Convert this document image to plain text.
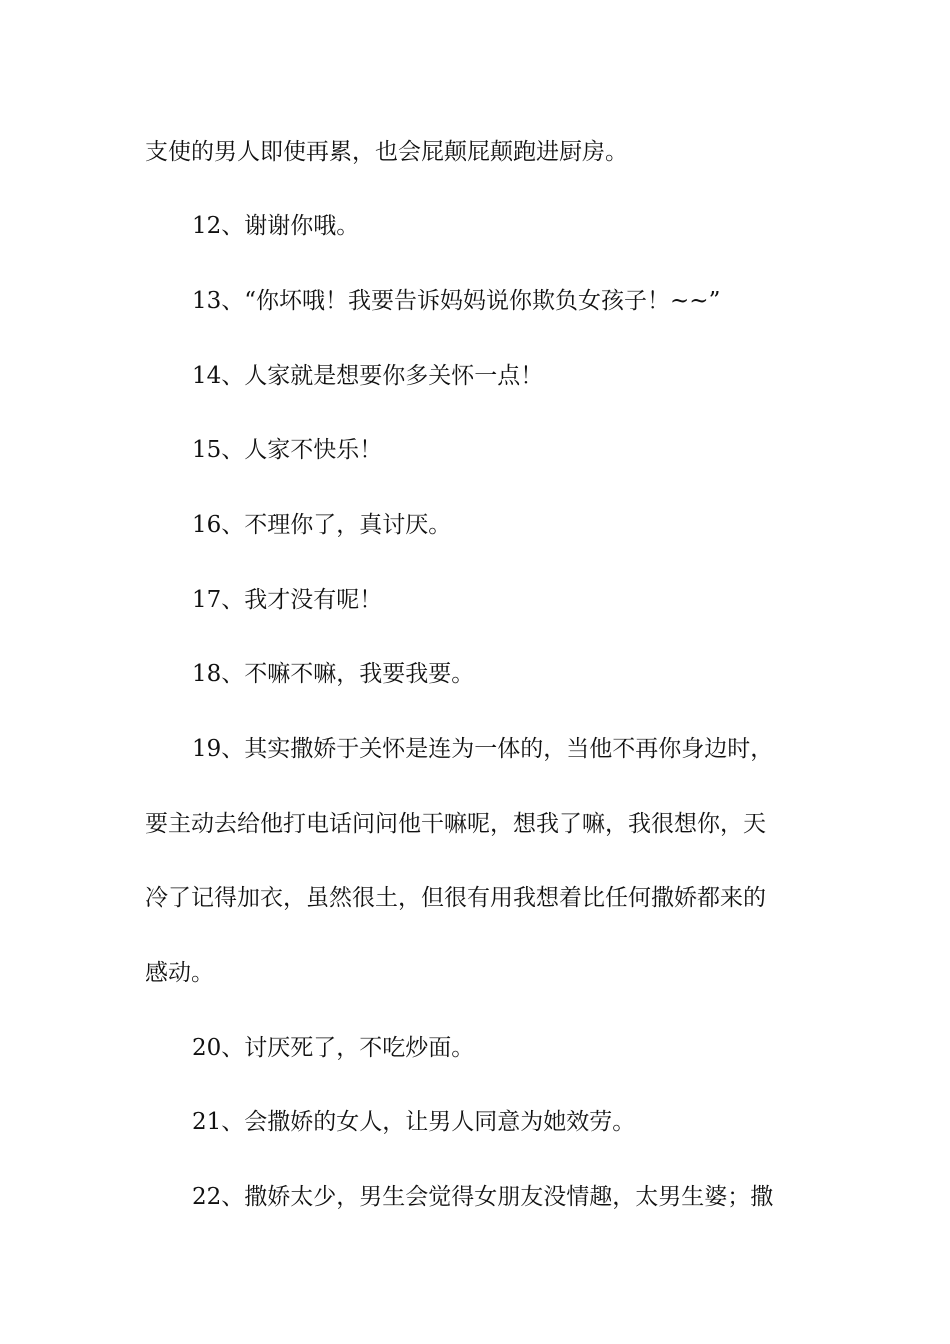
支使的男人即使再累，也会屁颠屁颠跑进厨房。
12、谢谢你哦。
13、“你坏哦！我要告诉妈妈说你欺负女孩子！~~”
14、人家就是想要你多关怀一点！
15、人家不快乐！
16、不理你了，真讨厌。
17、我才没有呢！
18、不嘛不嘛，我要我要。
19、其实撒娇于关怀是连为一体的，当他不再你身边时，
要主动去给他打电话问问他干嘛呢，想我了嘛，我很想你，天
冷了记得加衣，虽然很土，但很有用我想着比任何撒娇都来的
感动。
20、讨厌死了，不吃炒面。
21、会撒娇的女人，让男人同意为她效劳。
22、撒娇太少，男生会觉得女朋友没情趣，太男生婆；撒
